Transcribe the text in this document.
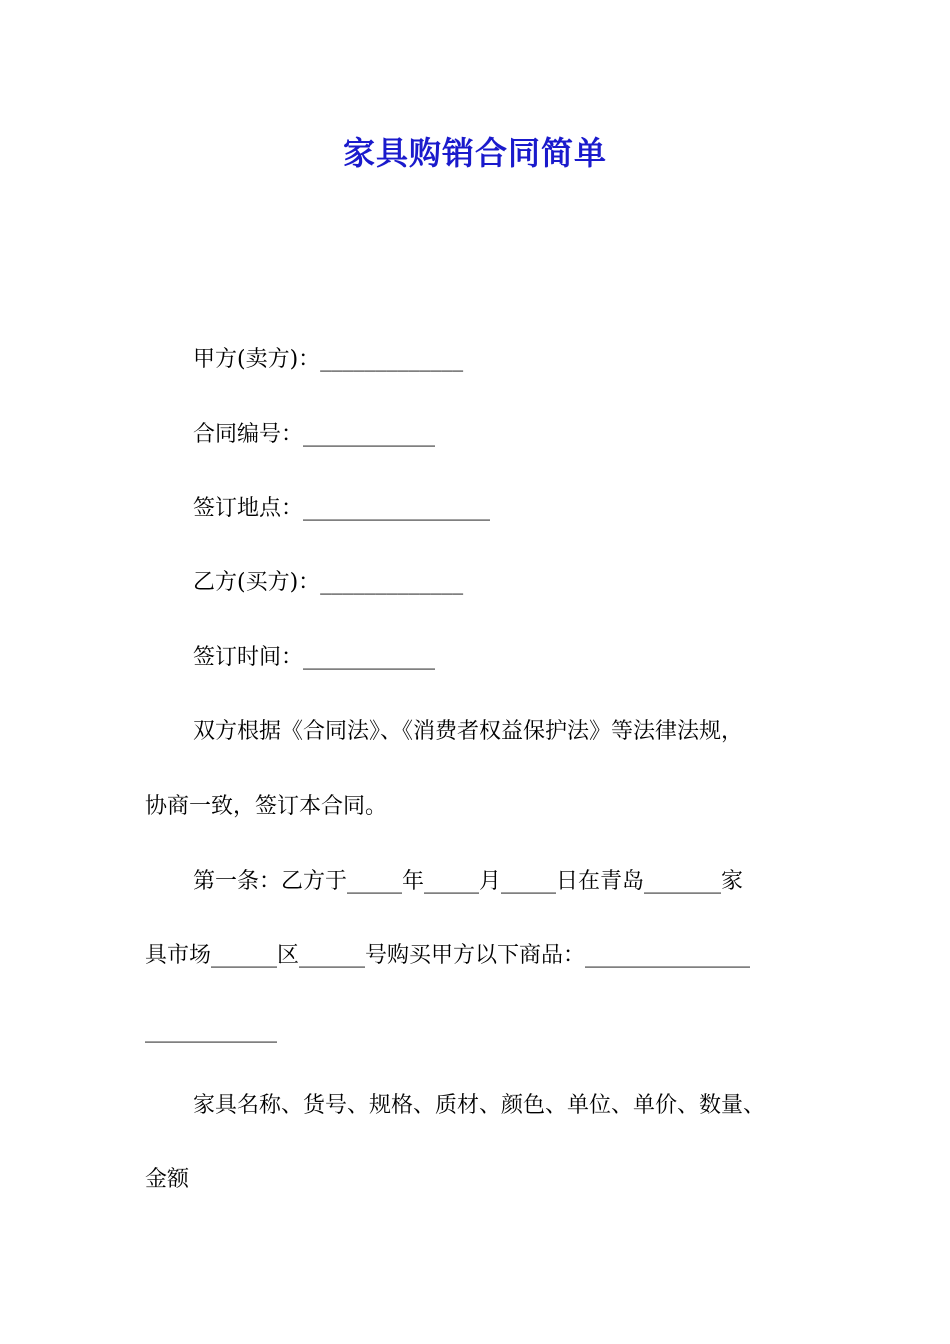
家具购销合同简单
甲方(卖方)：_____________
合同编号：____________
签订地点：_________________
乙方(买方)：_____________
签订时间：____________
双方根据《合同法》、《消费者权益保护法》等法律法规，
协商一致，签订本合同。
第一条：乙方于_____年_____月_____日在青岛_______家
具市场______区______号购买甲方以下商品：_______________
____________
家具名称、货号、规格、质材、颜色、单位、单价、数量、
金额
